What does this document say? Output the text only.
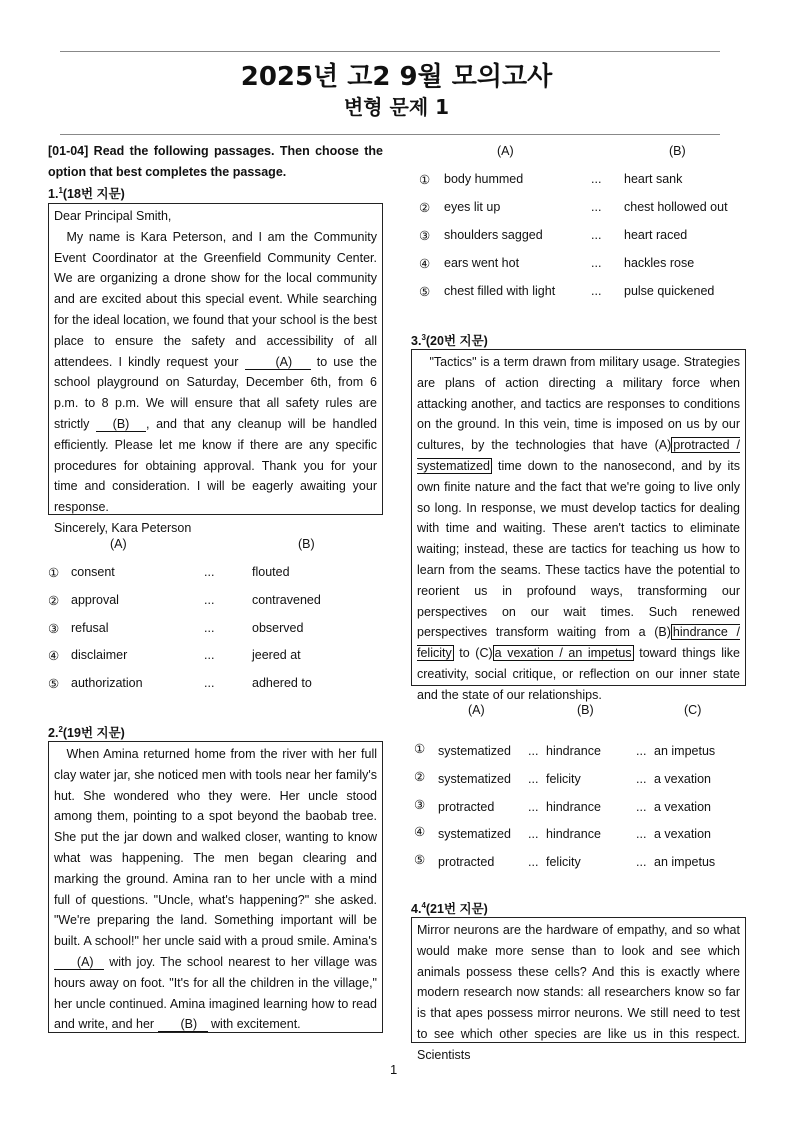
2025년 고2 9월 모의고사
변형 문제 1
[01-04] Read the following passages. Then choose the option that best completes the passage.
1.$^1$(18번 지문)

Dear Principal Smith,

My name is Kara Peterson, and I am the Community Event Coordinator at the Greenfield Community Center. We are organizing a drone show for the local community and are excited about this special event. While searching for the ideal location, we found that your school is the best place to ensure the safety and accessibility of all attendees. I kindly request your	(A) to use the school playground on Saturday, December 6th, from 6 p.m. to 8 p.m. We will ensure that all safety rules are strictly (B) , and that any cleanup will be handled efficiently. Please let me know if there are any specific procedures for obtaining approval. Thank you for your time and consideration. I will be eagerly awaiting your response.

Sincerely, Kara Peterson

(A)	(B)
2.$^2$(19번 지문)

When Amina returned home from the river with her full clay water jar, she noticed men with tools near her family's hut. She wondered who they were. Her uncle stood among them, pointing to a spot beyond the baobab tree. She put the jar down and walked closer, wanting to know what was happening. The men began clearing and marking the ground. Amina ran to her uncle with a mind full of questions. "Uncle, what's happening?" she asked. "We're preparing the land. Something important will be built. A school!" her uncle said with a proud smile. Amina's (A) with joy. The school nearest to her village was hours away on foot. "It's for all the children in the village," her uncle continued. Amina imagined learning how to read and write, and her (B) with excitement.

(A)	(B)
3.$^3$(20번 지문)

"Tactics" is a term drawn from military usage. Strategies are plans of action directing a military force when attacking another, and tactics are responses to conditions on the ground. In this vein, time is imposed on us by our cultures, by the technologies that have (A) protracted / systematized time down to the nanosecond, and by its own finite nature and the fact that we're going to live only so long. In response, we must develop tactics for dealing with time and waiting. These aren't tactics to eliminate waiting; instead, these are tactics for teaching us how to learn from the seams. These tactics have the potential to reorient us in profound ways, transforming our perspectives on our wait times. Such renewed perspectives transform waiting from a (B) hindrance / felicity to (C) a vexation / an impetus toward things like creativity, social critique, or reflection on our inner state and the state of our relationships.

(A)	(B)	(C)
4.$^4$(21번 지문)

Mirror neurons are the hardware of empathy, and so what would make more sense than to look and see which animals possess these cells? And this is exactly where modern research now stands: all researchers know so far is that apes possess mirror neurons. We still need to test to see which other species are like us in this respect. Scientists

1
① consent	...	flouted
② approval	...	contravened
③ refusal	...	observed
④ disclaimer	...	jeered at
⑤ authorization	...	adhered to
① body hummed	... heart sank
② eyes lit up	... chest hollowed out
③ shoulders sagged	... heart raced
④ ears went hot	... hackles rose
⑤ chest filled with light	... pulse quickened
① systematized ... hindrance	... an impetus
② systematized ... felicity	... a vexation
③ protracted	... hindrance	... a vexation
④ systematized ... hindrance	... a vexation
⑤ protracted	... felicity	... an impetus
